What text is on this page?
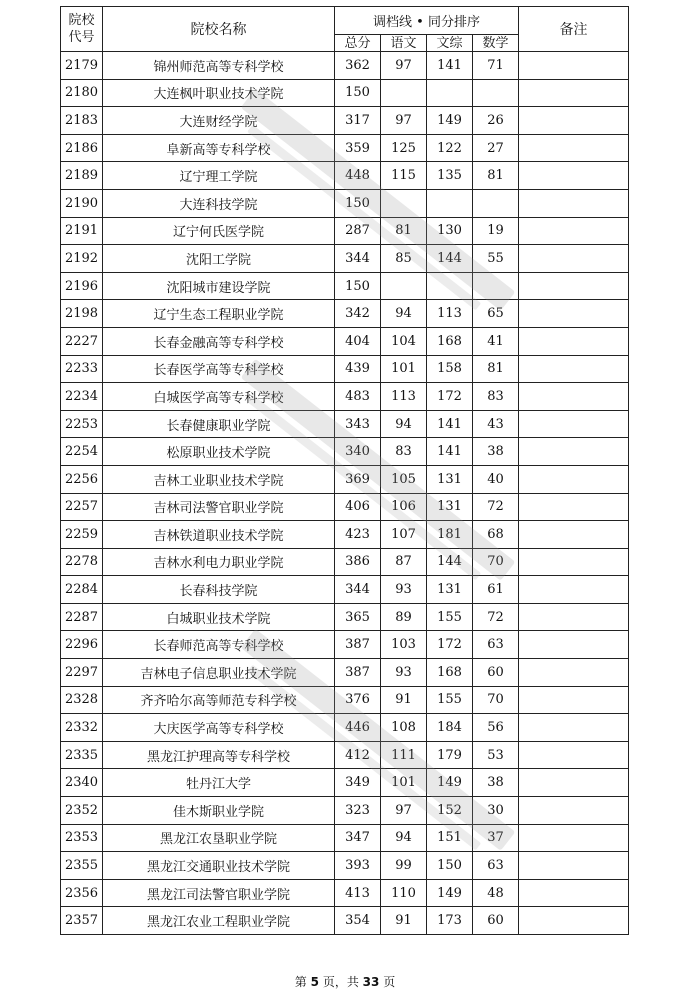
院校
代号	院校名称	调档线 • 同分排序				备注
		总分	语文	文综	数学	
2179	锦州师范高等专科学校	362	97	141	71	
2180	大连枫叶职业技术学院	150				
2183	大连财经学院	317	97	149	26	
2186	阜新高等专科学校	359	125	122	27	
2189	辽宁理工学院	448	115	135	81	
2190	大连科技学院	150				
2191	辽宁何氏医学院	287	81	130	19	
2192	沈阳工学院	344	85	144	55	
2196	沈阳城市建设学院	150				
2198	辽宁生态工程职业学院	342	94	113	65	
2227	长春金融高等专科学校	404	104	168	41	
2233	长春医学高等专科学校	439	101	158	81	
2234	白城医学高等专科学校	483	113	172	83	
2253	长春健康职业学院	343	94	141	43	
2254	松原职业技术学院	340	83	141	38	
2256	吉林工业职业技术学院	369	105	131	40	
2257	吉林司法警官职业学院	406	106	131	72	
2259	吉林铁道职业技术学院	423	107	181	68	
2278	吉林水利电力职业学院	386	87	144	70	
2284	长春科技学院	344	93	131	61	
2287	白城职业技术学院	365	89	155	72	
2296	长春师范高等专科学校	387	103	172	63	
2297	吉林电子信息职业技术学院	387	93	168	60	
2328	齐齐哈尔高等师范专科学校	376	91	155	70	
2332	大庆医学高等专科学校	446	108	184	56	
2335	黑龙江护理高等专科学校	412	111	179	53	
2340	牡丹江大学	349	101	149	38	
2352	佳木斯职业学院	323	97	152	30	
2353	黑龙江农垦职业学院	347	94	151	37	
2355	黑龙江交通职业技术学院	393	99	150	63	
2356	黑龙江司法警官职业学院	413	110	149	48	
2357	黑龙江农业工程职业学院	354	91	173	60	
第 5 页，共 33 页
